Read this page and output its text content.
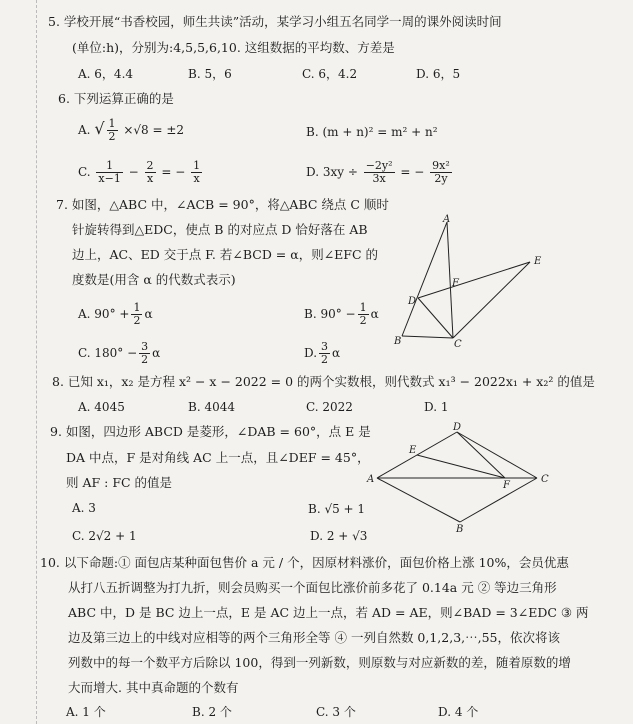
5. 学校开展“书香校园，师生共读”活动，某学习小组五名同学一周的课外阅读时间
(单位:h)，分别为:4,5,5,6,10. 这组数据的平均数、方差是
A. 6，4.4	B. 5，6	C. 6，4.2	D. 6，5
6. 下列运算正确的是
A. √ $\frac{1}{2} \times√8 = \pm 2$	B. (m + n)² = m² + n²
C. $\frac{1}{x-1} - \frac{2}{x}$ = − $\frac{1}{x}$	D. $3xy \div \frac{\text{−2y²}}{3x}$ = − $\frac{\text{9x²}}{2y}$
7. 如图，△ABC 中，∠ACB = 90°，将△ABC 绕点 C 顺时
针旋转得到△EDC，使点 B 的对应点 D 恰好落在 AB
边上，AC、ED 交于点 F. 若∠BCD = α，则∠EFC 的
度数是(用含 α 的代数式表示)
A. $90^\circ + \frac{1}{2}$ α	B. $90^\circ - \frac{1}{2}$ α
C. $180^\circ - \frac{3}{2}$ α	D. $\frac{3}{2}$ α
A
B	C
D
E
F
8. 已知 x₁，x₂ 是方程 x² − x − 2022 = 0 的两个实数根，则代数式 x₁³ − 2022x₁ + x₂² 的值是
A. 4045	B. 4044	C. 2022	D. 1
9. 如图，四边形 ABCD 是菱形，∠DAB = 60°，点 E 是
DA 中点，F 是对角线 AC 上一点，且∠DEF = 45°，
则 AF : FC 的值是
A. 3	B. √5 + 1
C. 2√2 + 1	D. 2 + √3
A
B
C
D
E
F
10. 以下命题:① 面包店某种面包售价 a 元 / 个，因原材料涨价，面包价格上涨 10%，会员优惠
从打八五折调整为打九折，则会员购买一个面包比涨价前多花了 0.14a 元 ② 等边三角形
ABC 中，D 是 BC 边上一点，E 是 AC 边上一点，若 AD = AE，则∠BAD = 3∠EDC ③ 两
边及第三边上的中线对应相等的两个三角形全等 ④ 一列自然数 0,1,2,3,⋯,55，依次将该
列数中的每一个数平方后除以 100，得到一列新数，则原数与对应新数的差，随着原数的增
大而增大. 其中真命题的个数有
A. 1 个	B. 2 个	C. 3 个	D. 4 个
